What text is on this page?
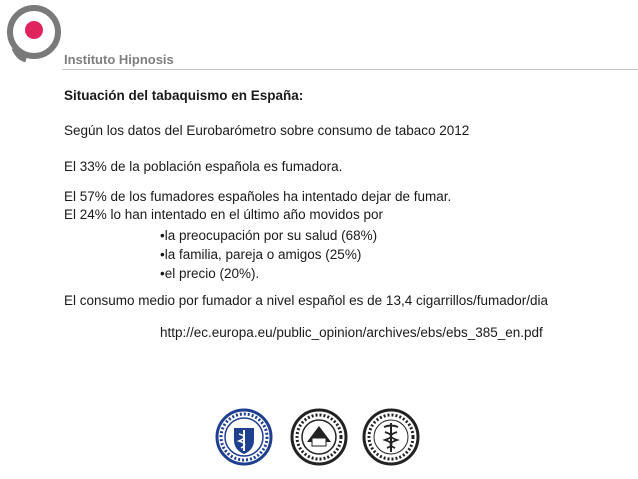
Instituto Hipnosis
Situación del tabaquismo en España:
Según los datos del Eurobarómetro sobre consumo de tabaco 2012
El 33% de la población española es fumadora.
El 57% de los fumadores españoles ha intentado dejar de fumar.
El 24% lo han intentado en el último año movidos por
•la preocupación por su salud (68%)
•la familia, pareja o amigos (25%)
•el precio (20%).
El consumo medio por fumador a nivel español es de 13,4 cigarrillos/fumador/dia
http://ec.europa.eu/public_opinion/archives/ebs/ebs_385_en.pdf
